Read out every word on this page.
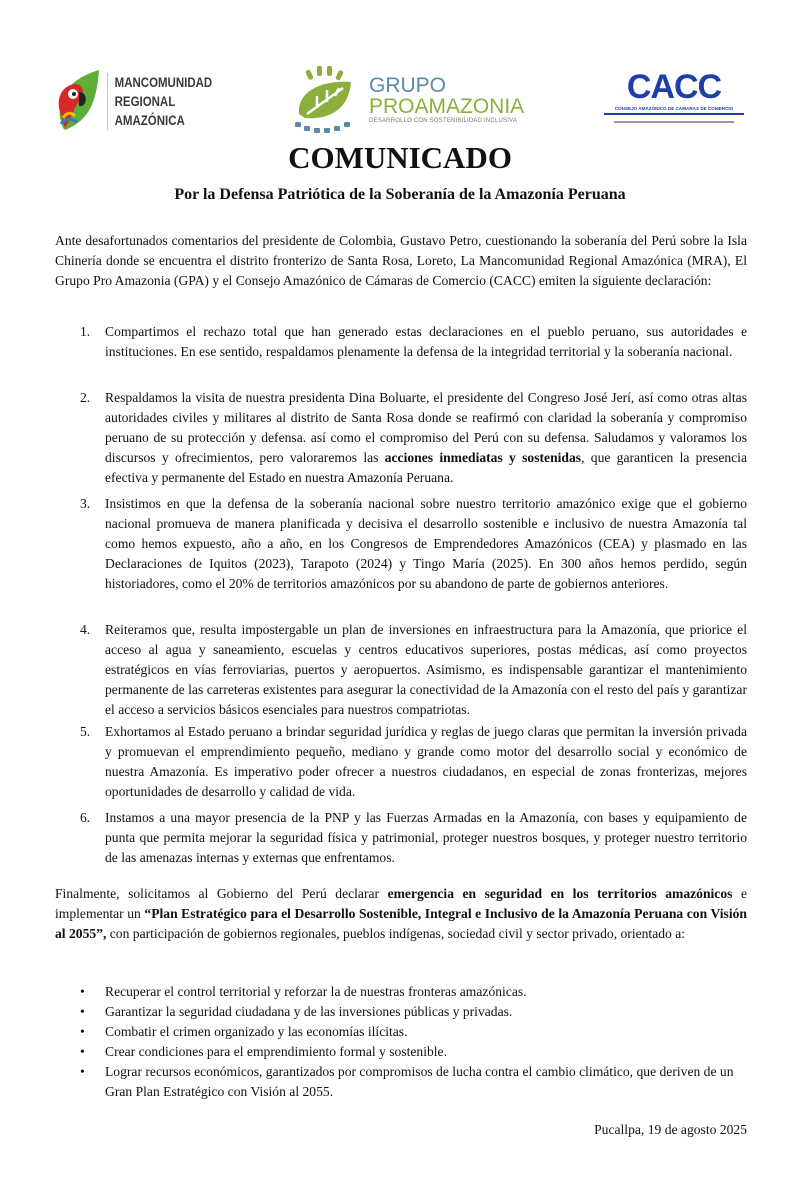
MANCOMUNIDAD
REGIONAL
AMAZÓNICA
GRUPO
PROAMAZONIA
DESARROLLO CON SOSTENIBILIDAD INCLUSIVA
CACC
CONSEJO AMAZÓNICO DE CÁMARAS DE COMERCIO
COMUNICADO
Por la Defensa Patriótica de la Soberanía de la Amazonía Peruana
Ante desafortunados comentarios del presidente de Colombia, Gustavo Petro, cuestionando la soberanía del Perú sobre la Isla Chinería donde se encuentra el distrito fronterizo de Santa Rosa, Loreto, La Mancomunidad Regional Amazónica (MRA), El Grupo Pro Amazonia (GPA) y el Consejo Amazónico de Cámaras de Comercio (CACC) emiten la siguiente declaración:
1. Compartimos el rechazo total que han generado estas declaraciones en el pueblo peruano, sus autoridades e instituciones. En ese sentido, respaldamos plenamente la defensa de la integridad territorial y la soberanía nacional.
2. Respaldamos la visita de nuestra presidenta Dina Boluarte, el presidente del Congreso José Jerí, así como otras altas autoridades civiles y militares al distrito de Santa Rosa donde se reafirmó con claridad la soberanía y compromiso peruano de su protección y defensa. así como el compromiso del Perú con su defensa. Saludamos y valoramos los discursos y ofrecimientos, pero valoraremos las acciones inmediatas y sostenidas, que garanticen la presencia efectiva y permanente del Estado en nuestra Amazonía Peruana.
3. Insistimos en que la defensa de la soberanía nacional sobre nuestro territorio amazónico exige que el gobierno nacional promueva de manera planificada y decisiva el desarrollo sostenible e inclusivo de nuestra Amazonía tal como hemos expuesto, año a año, en los Congresos de Emprendedores Amazónicos (CEA) y plasmado en las Declaraciones de Iquitos (2023), Tarapoto (2024) y Tingo María (2025). En 300 años hemos perdido, según historiadores, como el 20% de territorios amazónicos por su abandono de parte de gobiernos anteriores.
4. Reiteramos que, resulta impostergable un plan de inversiones en infraestructura para la Amazonía, que priorice el acceso al agua y saneamiento, escuelas y centros educativos superiores, postas médicas, así como proyectos estratégicos en vías ferroviarias, puertos y aeropuertos. Asimismo, es indispensable garantizar el mantenimiento permanente de las carreteras existentes para asegurar la conectividad de la Amazonía con el resto del país y garantizar el acceso a servicios básicos esenciales para nuestros compatriotas.
5. Exhortamos al Estado peruano a brindar seguridad jurídica y reglas de juego claras que permitan la inversión privada y promuevan el emprendimiento pequeño, mediano y grande como motor del desarrollo social y económico de nuestra Amazonía. Es imperativo poder ofrecer a nuestros ciudadanos, en especial de zonas fronterizas, mejores oportunidades de desarrollo y calidad de vida.
6. Instamos a una mayor presencia de la PNP y las Fuerzas Armadas en la Amazonía, con bases y equipamiento de punta que permita mejorar la seguridad física y patrimonial, proteger nuestros bosques, y proteger nuestro territorio de las amenazas internas y externas que enfrentamos.
Finalmente, solicitamos al Gobierno del Perú declarar emergencia en seguridad en los territorios amazónicos e implementar un “Plan Estratégico para el Desarrollo Sostenible, Integral e Inclusivo de la Amazonía Peruana con Visión al 2055”, con participación de gobiernos regionales, pueblos indígenas, sociedad civil y sector privado, orientado a:
• Recuperar el control territorial y reforzar la de nuestras fronteras amazónicas.
• Garantizar la seguridad ciudadana y de las inversiones públicas y privadas.
• Combatir el crimen organizado y las economías ilícitas.
• Crear condiciones para el emprendimiento formal y sostenible.
• Lograr recursos económicos, garantizados por compromisos de lucha contra el cambio climático, que deriven de un Gran Plan Estratégico con Visión al 2055.
Pucallpa, 19 de agosto 2025
